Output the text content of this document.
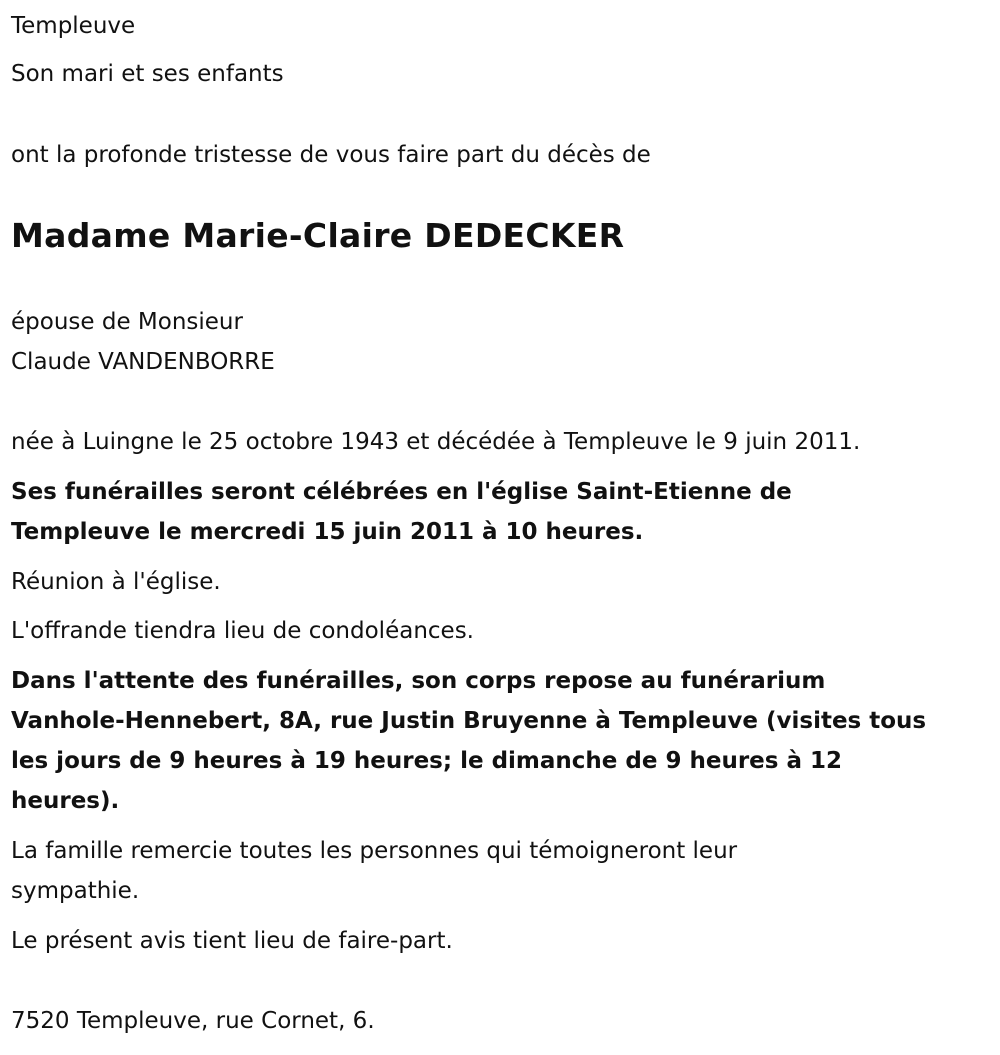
Templeuve

Son mari et ses enfants

ont la profonde tristesse de vous faire part du décès de

Madame Marie-Claire DEDECKER

épouse de Monsieur

Claude VANDENBORRE

née à Luingne le 25 octobre 1943 et décédée à Templeuve le 9 juin 2011.

Ses funérailles seront célébrées en l'église Saint-Etienne de

Templeuve le mercredi 15 juin 2011 à 10 heures.

Réunion à l'église.

L'offrande tiendra lieu de condoléances.

Dans l'attente des funérailles, son corps repose au funérarium

Vanhole-Hennebert, 8A, rue Justin Bruyenne à Templeuve (visites tous

les jours de 9 heures à 19 heures; le dimanche de 9 heures à 12

heures).

La famille remercie toutes les personnes qui témoigneront leur

sympathie.

Le présent avis tient lieu de faire-part.

7520 Templeuve, rue Cornet, 6.
